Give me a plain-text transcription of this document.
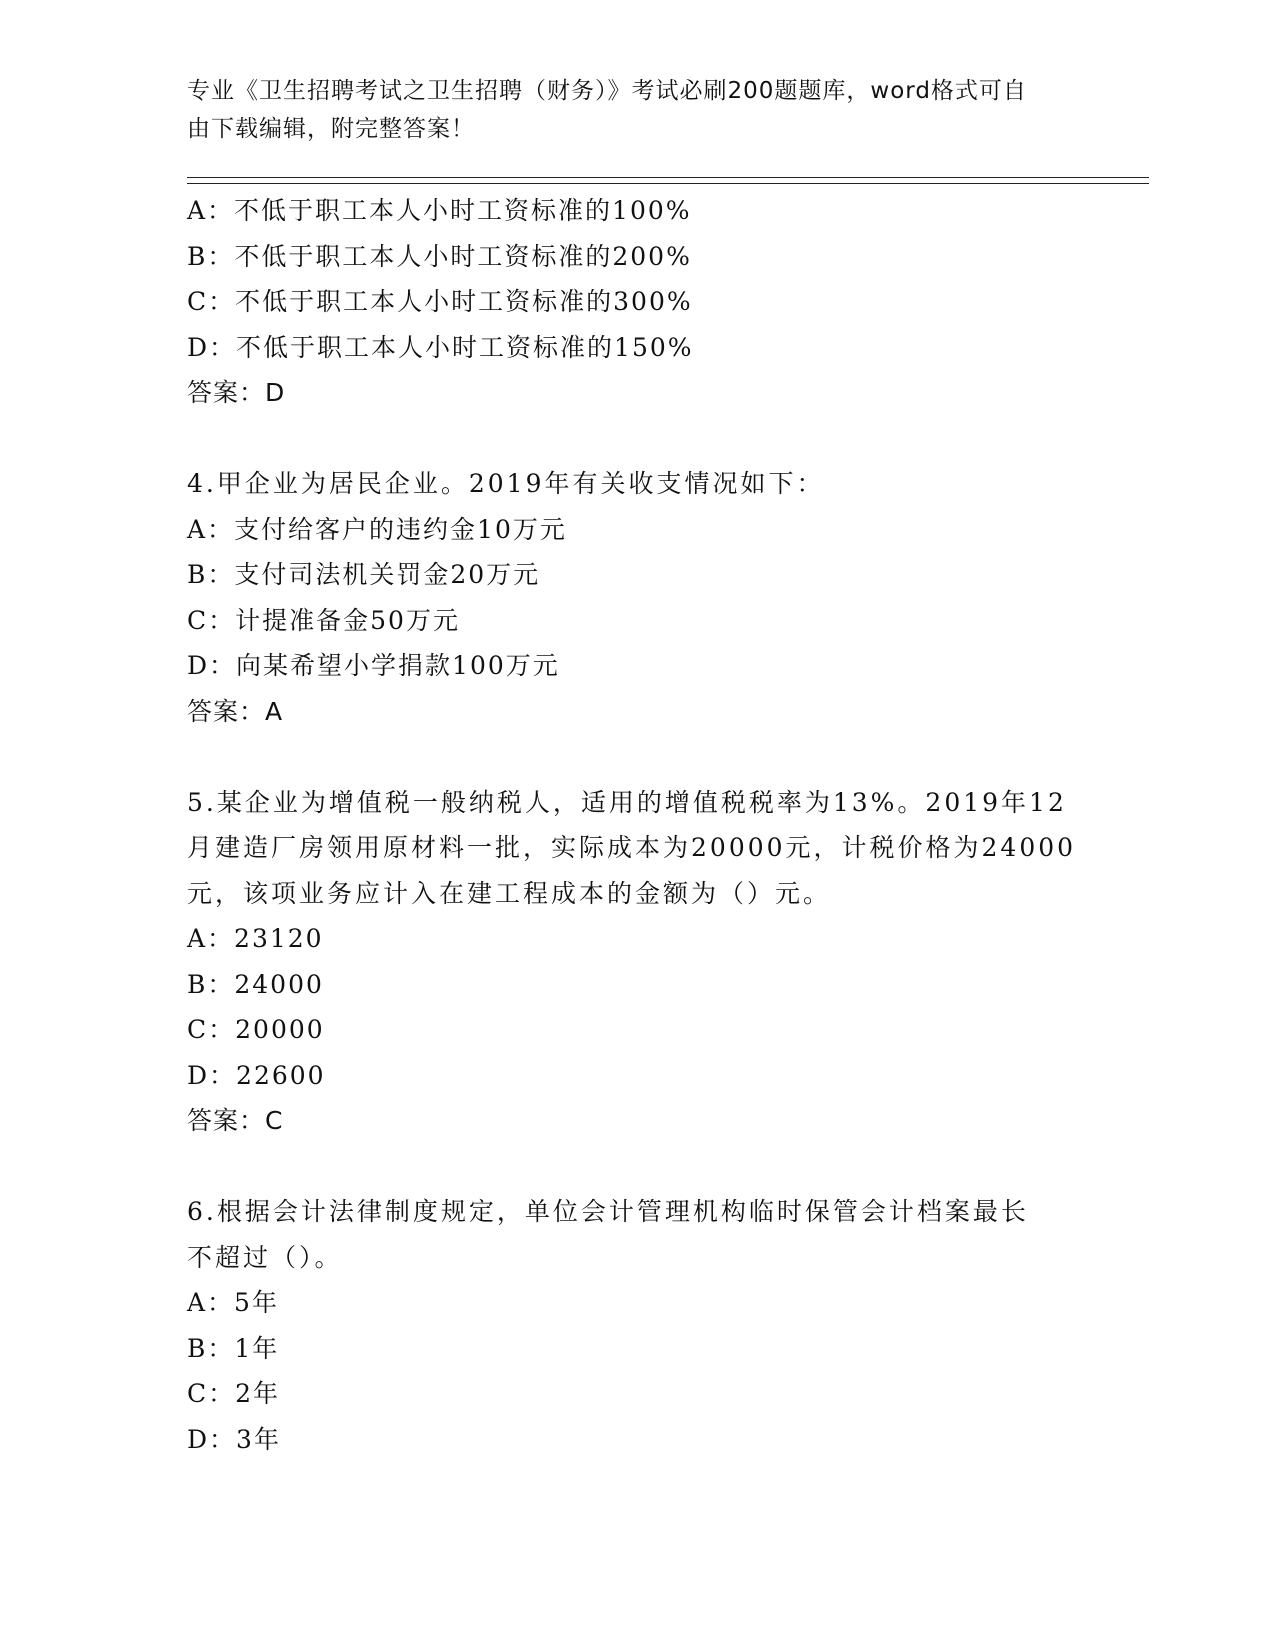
专业《卫生招聘考试之卫生招聘（财务）》考试必刷200题题库，word格式可自
由下载编辑，附完整答案！
A：不低于职工本人小时工资标准的100%
B：不低于职工本人小时工资标准的200%
C：不低于职工本人小时工资标准的300%
D：不低于职工本人小时工资标准的150%
答案：D
4.甲企业为居民企业。2019年有关收支情况如下：
A：支付给客户的违约金10万元
B：支付司法机关罚金20万元
C：计提准备金50万元
D：向某希望小学捐款100万元
答案：A
5.某企业为增值税一般纳税人，适用的增值税税率为13%。2019年12
月建造厂房领用原材料一批，实际成本为20000元，计税价格为24000
元，该项业务应计入在建工程成本的金额为（）元。
A：23120
B：24000
C：20000
D：22600
答案：C
6.根据会计法律制度规定，单位会计管理机构临时保管会计档案最长
不超过（）。
A：5年
B：1年
C：2年
D：3年
